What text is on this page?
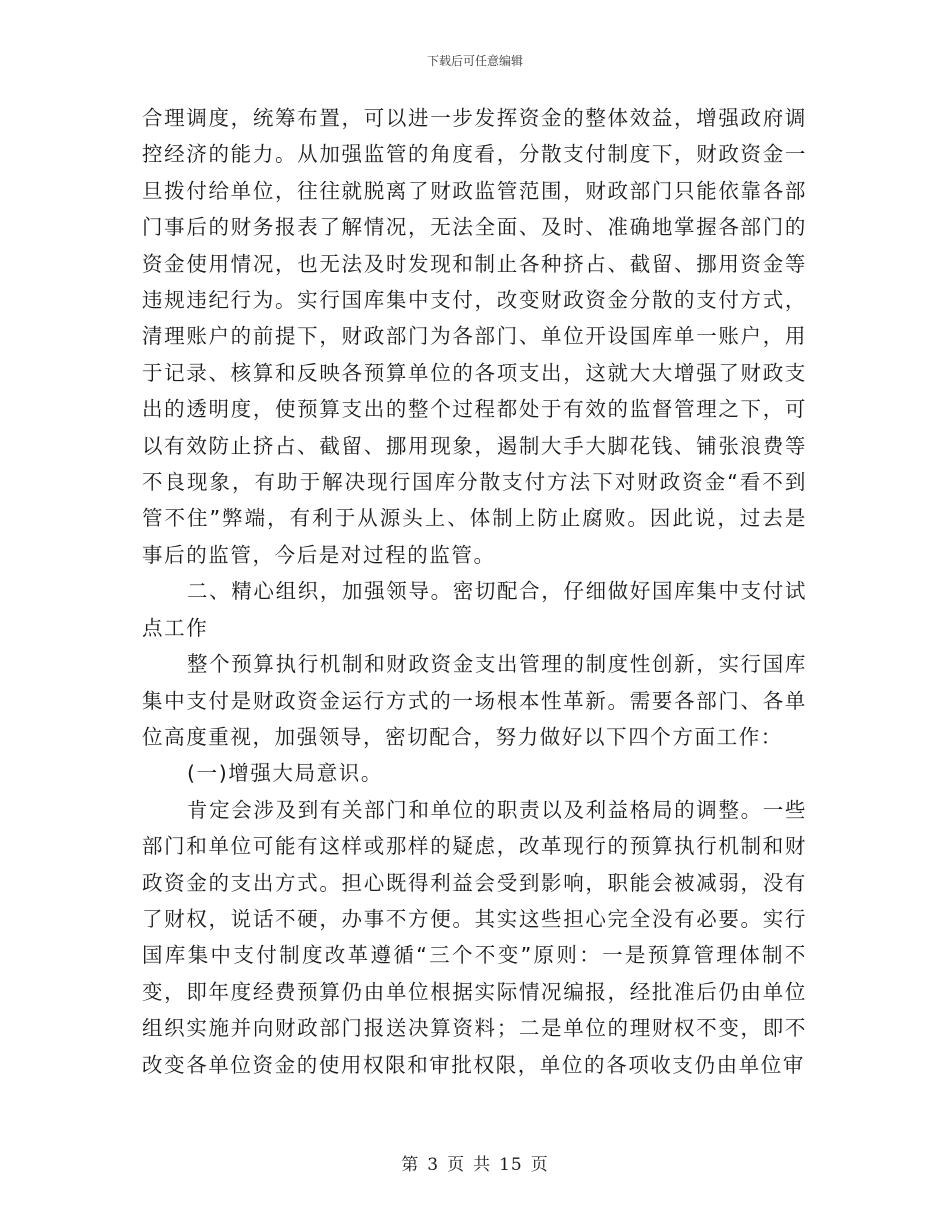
下载后可任意编辑

合理调度，统筹布置，可以进一步发挥资金的整体效益，增强政府调控经济的能力。从加强监管的角度看，分散支付制度下，财政资金一旦拨付给单位，往往就脱离了财政监管范围，财政部门只能依靠各部门事后的财务报表了解情况，无法全面、及时、准确地掌握各部门的资金使用情况，也无法及时发现和制止各种挤占、截留、挪用资金等违规违纪行为。实行国库集中支付，改变财政资金分散的支付方式，清理账户的前提下，财政部门为各部门、单位开设国库单一账户，用于记录、核算和反映各预算单位的各项支出，这就大大增强了财政支出的透明度，使预算支出的整个过程都处于有效的监督管理之下，可以有效防止挤占、截留、挪用现象，遏制大手大脚花钱、铺张浪费等不良现象，有助于解决现行国库分散支付方法下对财政资金“看不到管不住”弊端，有利于从源头上、体制上防止腐败。因此说，过去是事后的监管，今后是对过程的监管。

二、精心组织，加强领导。密切配合，仔细做好国库集中支付试点工作

整个预算执行机制和财政资金支出管理的制度性创新，实行国库集中支付是财政资金运行方式的一场根本性革新。需要各部门、各单位高度重视，加强领导，密切配合，努力做好以下四个方面工作：

(一)增强大局意识。

肯定会涉及到有关部门和单位的职责以及利益格局的调整。一些部门和单位可能有这样或那样的疑虑，改革现行的预算执行机制和财政资金的支出方式。担心既得利益会受到影响，职能会被减弱，没有了财权，说话不硬，办事不方便。其实这些担心完全没有必要。实行国库集中支付制度改革遵循“三个不变”原则：一是预算管理体制不变，即年度经费预算仍由单位根据实际情况编报，经批准后仍由单位组织实施并向财政部门报送决算资料；二是单位的理财权不变，即不改变各单位资金的使用权限和审批权限，单位的各项收支仍由单位审

第 3 页 共 15 页
